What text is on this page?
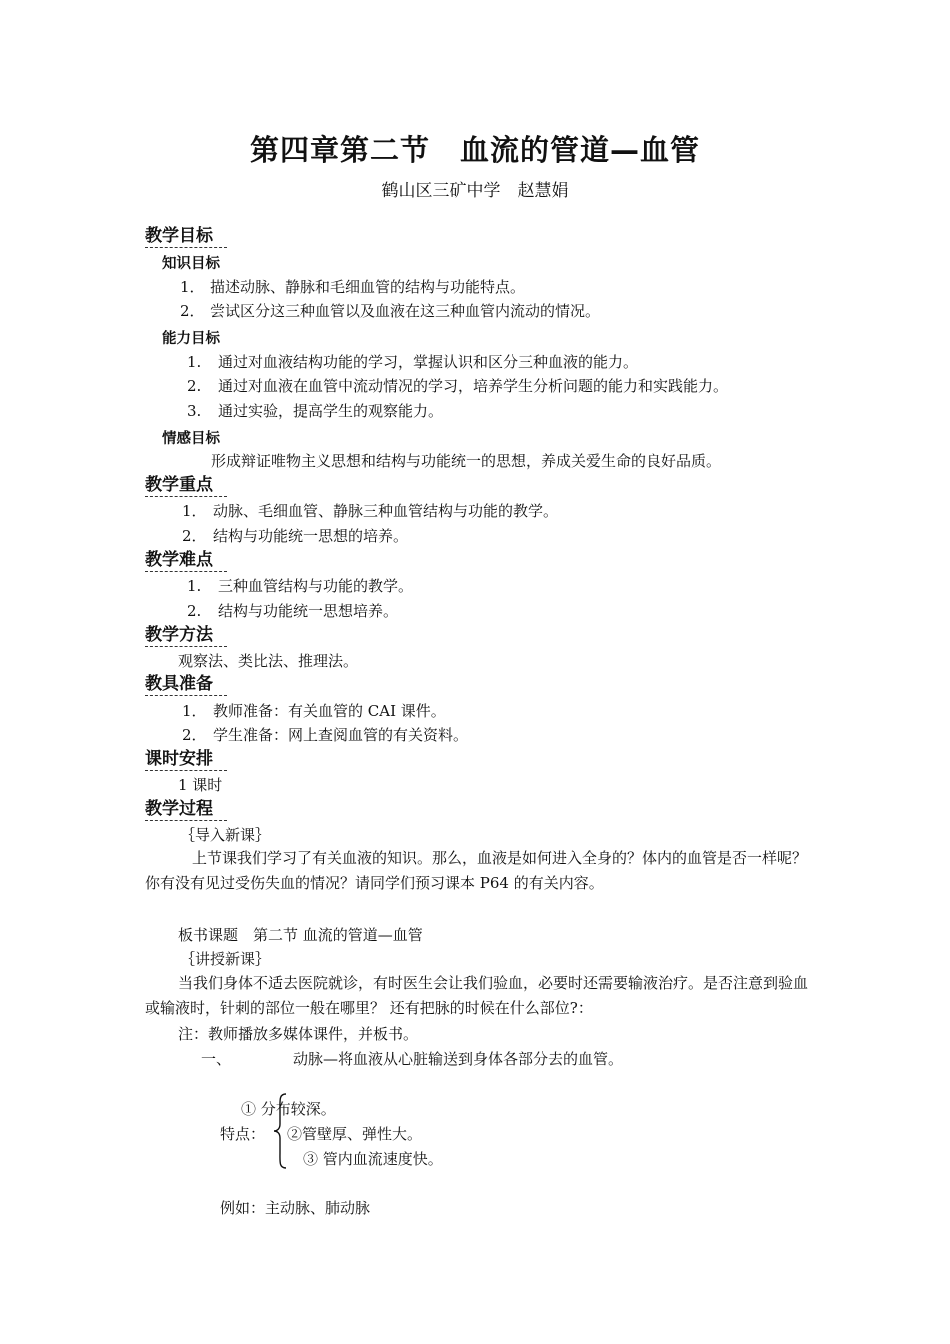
第四章第二节　血流的管道—血管
鹤山区三矿中学　赵慧娟
教学目标
知识目标
1． 描述动脉、静脉和毛细血管的结构与功能特点。
2． 尝试区分这三种血管以及血液在这三种血管内流动的情况。
能力目标
1. 通过对血液结构功能的学习，掌握认识和区分三种血液的能力。
2. 通过对血液在血管中流动情况的学习，培养学生分析问题的能力和实践能力。
3. 通过实验，提高学生的观察能力。
情感目标
形成辩证唯物主义思想和结构与功能统一的思想，养成关爱生命的良好品质。
教学重点
1． 动脉、毛细血管、静脉三种血管结构与功能的教学。
2． 结构与功能统一思想的培养。
教学难点
1. 三种血管结构与功能的教学。
2. 结构与功能统一思想培养。
教学方法
观察法、类比法、推理法。
教具准备
1． 教师准备：有关血管的 CAI 课件。
2． 学生准备：网上查阅血管的有关资料。
课时安排
1 课时
教学过程
｛导入新课｝
上节课我们学习了有关血液的知识。那么，血液是如何进入全身的？体内的血管是否一样呢？你有没有见过受伤失血的情况？请同学们预习课本 P64 的有关内容。
板书课题　第二节 血流的管道—血管
｛讲授新课｝
当我们身体不适去医院就诊，有时医生会让我们验血，必要时还需要输液治疗。是否注意到验血或输液时，针刺的部位一般在哪里？ 还有把脉的时候在什么部位?：
注：教师播放多媒体课件，并板书。
一、	动脉—将血液从心脏输送到身体各部分去的血管。
① 分布较深。
特点： ②管壁厚、弹性大。
③ 管内血流速度快。
例如：主动脉、肺动脉
